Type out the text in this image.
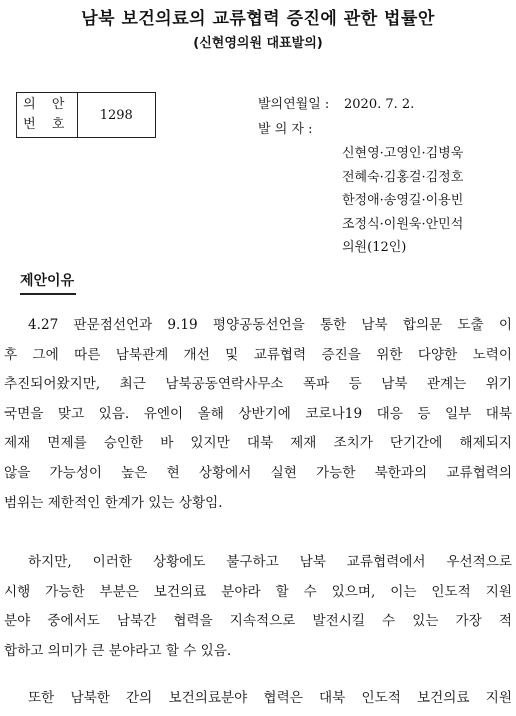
남북 보건의료의 교류협력 증진에 관한 법률안
(신현영의원 대표발의)
의 안
번 호
	1298
발의연월일 : 2020. 7. 2.
발 의 자 :
신현영·고영인·김병욱
전혜숙·김홍걸·김정호
한정애·송영길·이용빈
조정식·이원욱·안민석
의원(12인)
제안이유
4.27 판문점선언과 9.19 평양공동선언을 통한 남북 합의문 도출 이
후 그에 따른 남북관계 개선 및 교류협력 증진을 위한 다양한 노력이
추진되어왔지만, 최근 남북공동연락사무소 폭파 등 남북 관계는 위기
국면을 맞고 있음. 유엔이 올해 상반기에 코로나19 대응 등 일부 대북
제재 면제를 승인한 바 있지만 대북 제재 조치가 단기간에 해제되지
않을 가능성이 높은 현 상황에서 실현 가능한 북한과의 교류협력의
범위는 제한적인 한계가 있는 상황임.
하지만, 이러한 상황에도 불구하고 남북 교류협력에서 우선적으로
시행 가능한 부분은 보건의료 분야라 할 수 있으며, 이는 인도적 지원
분야 중에서도 남북간 협력을 지속적으로 발전시킬 수 있는 가장 적
합하고 의미가 큰 분야라고 할 수 있음.
또한 남북한 간의 보건의료분야 협력은 대북 인도적 보건의료 지원
